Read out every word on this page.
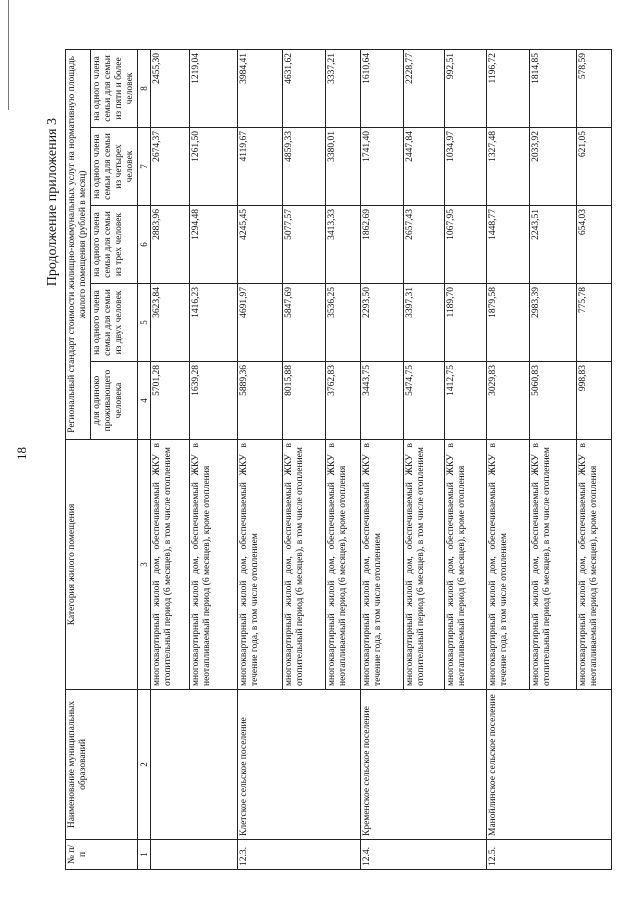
18
Продолжение приложения 3
№ п/п	Наименование муниципальных образований	Категория жилого помещения	Региональный стандарт стоимости жилищно-коммунальных услуг на нормативную площадь жилого помещения (рублей в месяц)				
			для одиноко проживающего человека	на одного члена семьи для семьи из двух человек	на одного члена семьи для семьи из трех человек	на одного члена семьи для семьи из четырех человек	на одного члена семьи для семьи из пяти и более человек
1	2	3	4	5	6	7	8
		многоквартирный жилой дом, обеспечиваемый ЖКУ в отопительный период (6 месяцев), в том числе отоплением	5701,28	3623,84	2883,96	2674,37	2455,30
		многоквартирный жилой дом, обеспечиваемый ЖКУ в неотапливаемый период (6 месяцев), кроме отопления	1639,28	1416,23	1294,48	1261,50	1219,04
12.3.	Клетское сельское поселение	многоквартирный жилой дом, обеспечиваемый ЖКУ в течение года, в том числе отоплением	5889,36	4691,97	4245,45	4119,67	3984,41
		многоквартирный жилой дом, обеспечиваемый ЖКУ в отопительный период (6 месяцев), в том числе отоплением	8015,88	5847,69	5077,57	4859,33	4631,62
		многоквартирный жилой дом, обеспечиваемый ЖКУ в неотапливаемый период (6 месяцев), кроме отопления	3762,83	3536,25	3413,33	3380,01	3337,21
12.4.	Кременское сельское поселение	многоквартирный жилой дом, обеспечиваемый ЖКУ в течение года, в том числе отоплением	3443,75	2293,50	1862,69	1741,40	1610,64
		многоквартирный жилой дом, обеспечиваемый ЖКУ в отопительный период (6 месяцев), в том числе отоплением	5474,75	3397,31	2657,43	2447,84	2228,77
		многоквартирный жилой дом, обеспечиваемый ЖКУ в неотапливаемый период (6 месяцев), кроме отопления	1412,75	1189,70	1067,95	1034,97	992,51
12.5.	Манойлинское сельское поселение	многоквартирный жилой дом, обеспечиваемый ЖКУ в течение года, в том числе отоплением	3029,83	1879,58	1448,77	1327,48	1196,72
		многоквартирный жилой дом, обеспечиваемый ЖКУ в отопительный период (6 месяцев), в том числе отоплением	5060,83	2983,39	2243,51	2033,92	1814,85
		многоквартирный жилой дом, обеспечиваемый ЖКУ в неотапливаемый период (6 месяцев), кроме отопления	998,83	775,78	654,03	621,05	578,59
